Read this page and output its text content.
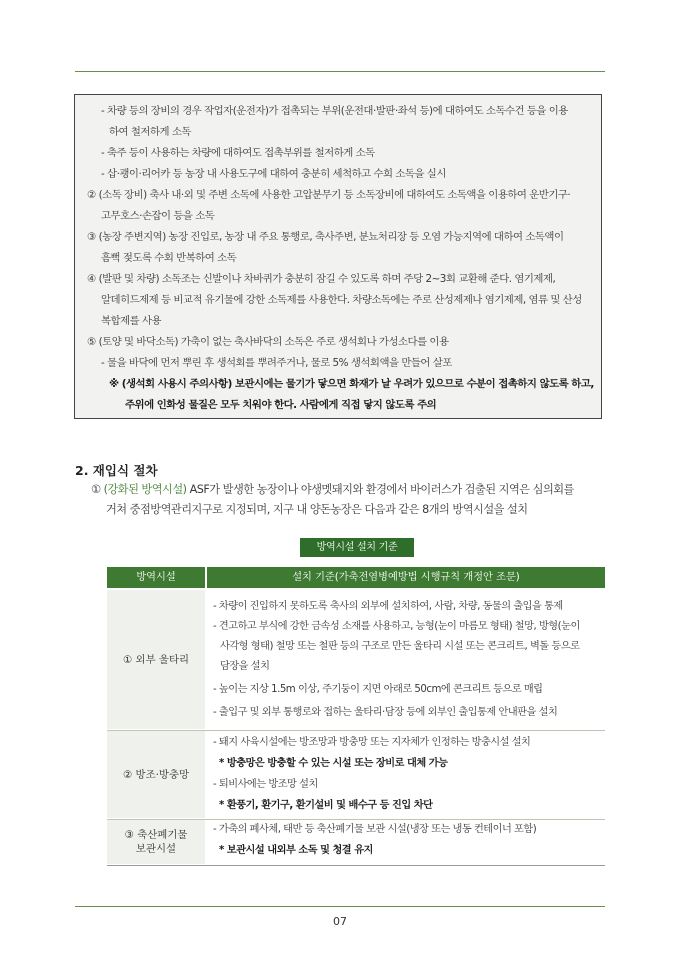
- 차량 등의 장비의 경우 작업자(운전자)가 접촉되는 부위(운전대·발판·좌석 등)에 대하여도 소독수건 등을 이용
하여 철저하게 소독
- 축주 등이 사용하는 차량에 대하여도 접촉부위를 철저하게 소독
- 삽·괭이·리어카 등 농장 내 사용도구에 대하여 충분히 세척하고 수희 소독을 실시
② (소독 장비) 축사 내·외 및 주변 소독에 사용한 고압분무기 등 소독장비에 대하여도 소독액을 이용하여 운반기구·
고무호스·손잡이 등을 소독
③ (농장 주변지역) 농장 진입로, 농장 내 주요 통행로, 축사주변, 분뇨처리장 등 오염 가능지역에 대하여 소독액이
흠뻑 젖도록 수회 반복하여 소독
④ (발판 및 차량) 소독조는 신발이나 차바퀴가 충분히 잠길 수 있도록 하며 주당 2∼3회 교환해 준다. 염기제제,
알데히드제제 등 비교적 유기물에 강한 소독제를 사용한다. 차량소독에는 주로 산성제제나 염기제제, 염류 및 산성
복합제를 사용
⑤ (토양 및 바닥소독) 가축이 없는 축사바닥의 소독은 주로 생석회나 가성소다를 이용
- 물을 바닥에 먼저 뿌린 후 생석회를 뿌려주거나, 물로 5% 생석회액을 만들어 살포
※ (생석회 사용시 주의사항) 보관시에는 물기가 닿으면 화재가 날 우려가 있으므로 수분이 접촉하지 않도록 하고,
주위에 인화성 물질은 모두 치워야 한다. 사람에게 직접 닿지 않도록 주의
2. 재입식 절차
① (강화된 방역시설) ASF가 발생한 농장이나 야생멧돼지와 환경에서 바이러스가 검출된 지역은 심의회를
거쳐 중점방역관리지구로 지정되며, 지구 내 양돈농장은 다음과 같은 8개의 방역시설을 설치
방역시설 설치 기준
방역시설	설치 기준(가축전염병예방법 시행규칙 개정안 조문)
① 외부 울타리
- 차량이 진입하지 못하도록 축사의 외부에 설치하여, 사람, 차량, 동물의 출입을 통제
- 견고하고 부식에 강한 금속성 소재를 사용하고, 능형(눈이 마름모 형태) 철망, 방형(눈이
사각형 형태) 철망 또는 철판 등의 구조로 만든 울타리 시설 또는 콘크리트, 벽돌 등으로
담장을 설치
- 높이는 지상 1.5m 이상, 주기둥이 지면 아래로 50cm에 콘크리트 등으로 매립
- 출입구 및 외부 통행로와 접하는 울타리·담장 등에 외부인 출입통제 안내판을 설치
② 방조·방충망
- 돼지 사육시설에는 방조망과 방충망 또는 지자체가 인정하는 방충시설 설치
* 방충망은 방충할 수 있는 시설 또는 장비로 대체 가능
- 퇴비사에는 방조망 설치
* 환풍기, 환기구, 환기설비 및 배수구 등 진입 차단
③ 축산폐기물
보관시설
- 가축의 폐사체, 태반 등 축산폐기물 보관 시설(냉장 또는 냉동 컨테이너 포함)
* 보관시설 내외부 소독 및 청결 유지
07
